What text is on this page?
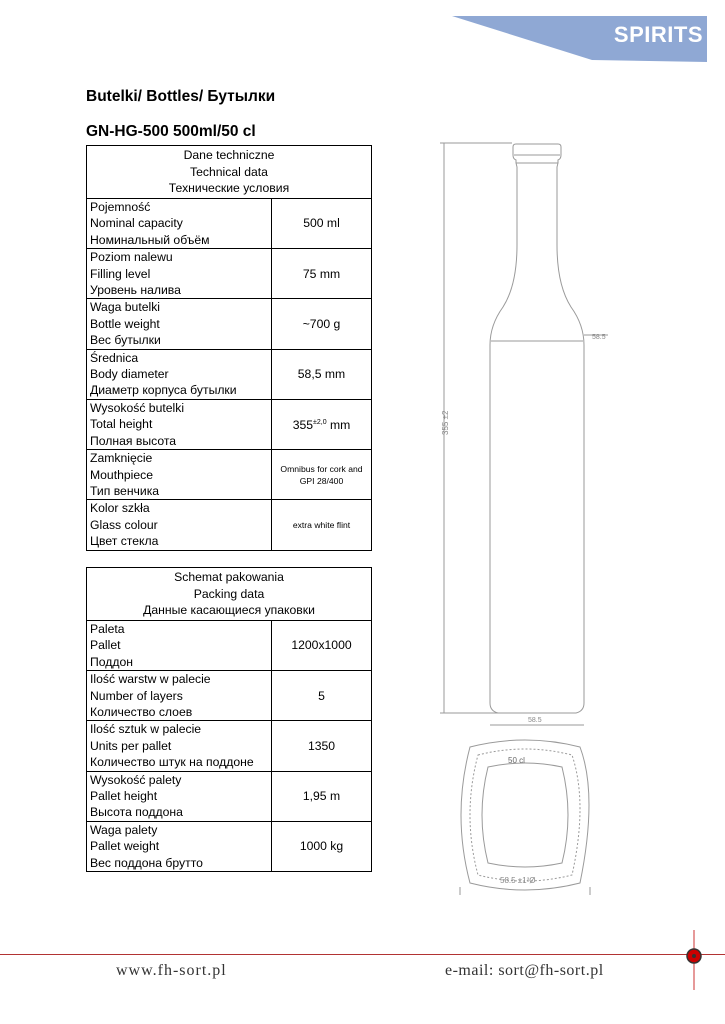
SPIRITS
Butelki/ Bottles/ Бутылки
GN-HG-500 500ml/50 cl
Dane techniczne
Technical data
Технические условия	

Pojemność
Nominal capacity
Номинальный объём	500 ml

Poziom nalewu
Filling level
Уровень налива	75 mm

Waga butelki
Bottle weight
Вес бутылки	~700 g

Średnica
Body diameter
Диаметр корпуса бутылки	58,5 mm

Wysokość butelki
Total height
Полная высота	$355^{\pm 2,0}$ mm

Zamknięcie
Mouthpiece
Тип венчика	Omnibus for cork and
GPI 28/400

Kolor szkła
Glass colour
Цвет стекла	extra white flint
Schemat pakowania
Packing data
Данные касающиеся упаковки	

Paleta
Pallet
Поддон	1200x1000

Ilość warstw w palecie
Number of layers
Количество слоев	5

Ilość sztuk w palecie
Units per pallet
Количество штук на поддоне	1350

Wysokość palety
Pallet height
Высота поддона	1,95 m

Waga palety
Pallet weight
Вес поддона брутто	1000 kg
355 ±2
58.5
58.5
50 cl
58.5 ±1²Ø
www.fh-sort.pl	e-mail: sort@fh-sort.pl
